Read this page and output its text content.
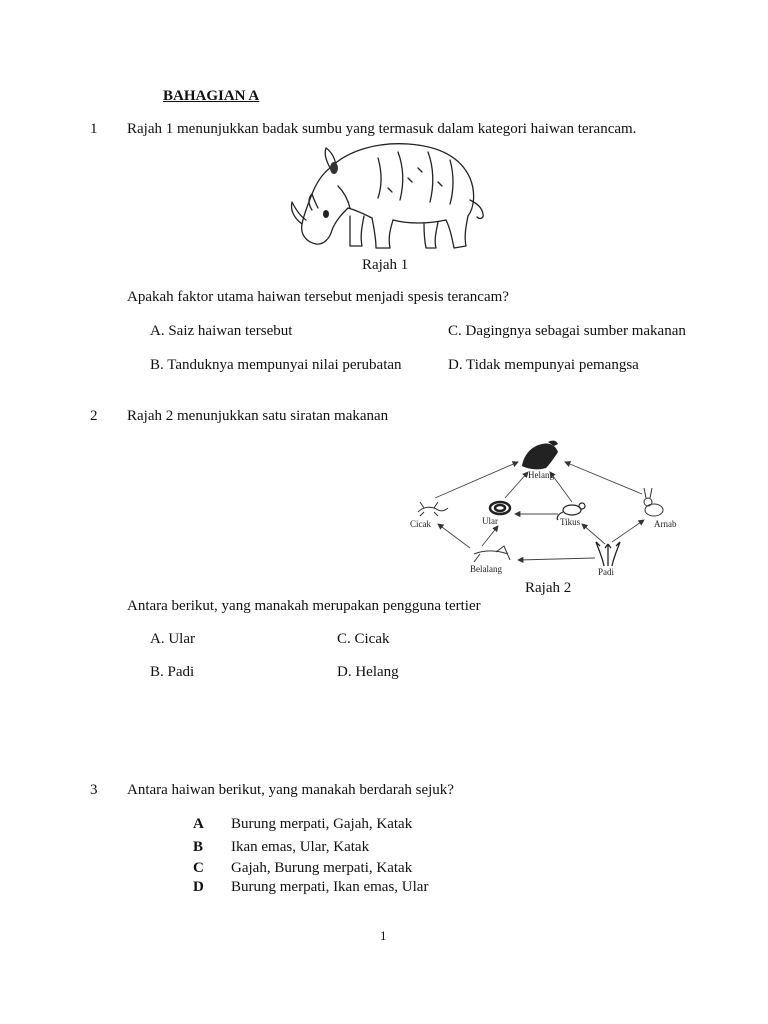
BAHAGIAN A
1 Rajah 1 menunjukkan badak sumbu yang termasuk dalam kategori haiwan terancam.
Rajah 1
Apakah faktor utama haiwan tersebut menjadi spesis terancam?
A. Saiz haiwan tersebut	C. Dagingnya sebagai sumber makanan
B. Tanduknya mempunyai nilai perubatan	D. Tidak mempunyai pemangsa
2 Rajah 2 menunjukkan satu siratan makanan
Helang
Ular	Tikus
Cicak	Arnab
Belalang	Padi
Rajah 2
Antara berikut, yang manakah merupakan pengguna tertier
A. Ular	C. Cicak
B. Padi	D. Helang
3 Antara haiwan berikut, yang manakah berdarah sejuk?
A Burung merpati, Gajah, Katak
B Ikan emas, Ular, Katak
C Gajah, Burung merpati, Katak
D Burung merpati, Ikan emas, Ular
1
